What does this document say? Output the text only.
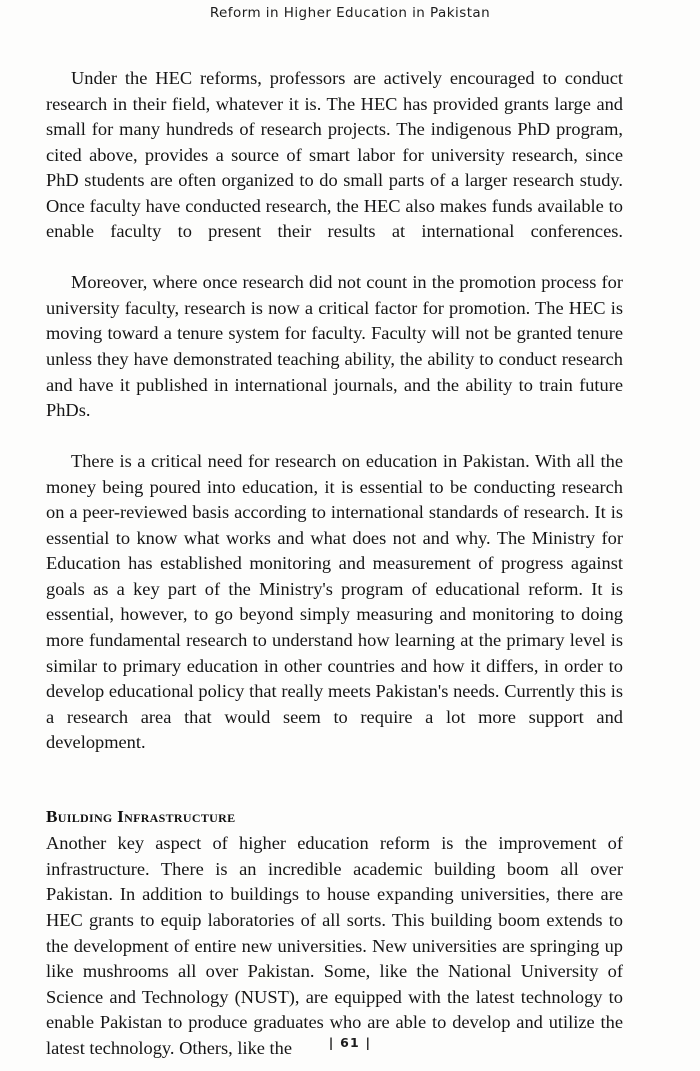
Reform in Higher Education in Pakistan

Under the HEC reforms, professors are actively encouraged to conduct research in their field, whatever it is. The HEC has provided grants large and small for many hundreds of research projects. The indigenous PhD program, cited above, provides a source of smart labor for university research, since PhD students are often organized to do small parts of a larger research study. Once faculty have conducted research, the HEC also makes funds available to enable faculty to present their results at international conferences.

Moreover, where once research did not count in the promotion process for university faculty, research is now a critical factor for promotion. The HEC is moving toward a tenure system for faculty. Faculty will not be granted tenure unless they have demonstrated teaching ability, the ability to conduct research and have it published in international journals, and the ability to train future PhDs.

There is a critical need for research on education in Pakistan. With all the money being poured into education, it is essential to be conducting research on a peer-reviewed basis according to international standards of research. It is essential to know what works and what does not and why. The Ministry for Education has established monitoring and measurement of progress against goals as a key part of the Ministry's program of educational reform. It is essential, however, to go beyond simply measuring and monitoring to doing more fundamental research to understand how learning at the primary level is similar to primary education in other countries and how it differs, in order to develop educational policy that really meets Pakistan's needs. Currently this is a research area that would seem to require a lot more support and development.

Building Infrastructure

Another key aspect of higher education reform is the improvement of infrastructure. There is an incredible academic building boom all over Pakistan. In addition to buildings to house expanding universities, there are HEC grants to equip laboratories of all sorts. This building boom extends to the development of entire new universities. New universities are springing up like mushrooms all over Pakistan. Some, like the National University of Science and Technology (NUST), are equipped with the latest technology to enable Pakistan to produce graduates who are able to develop and utilize the latest technology. Others, like the	| 61 |
